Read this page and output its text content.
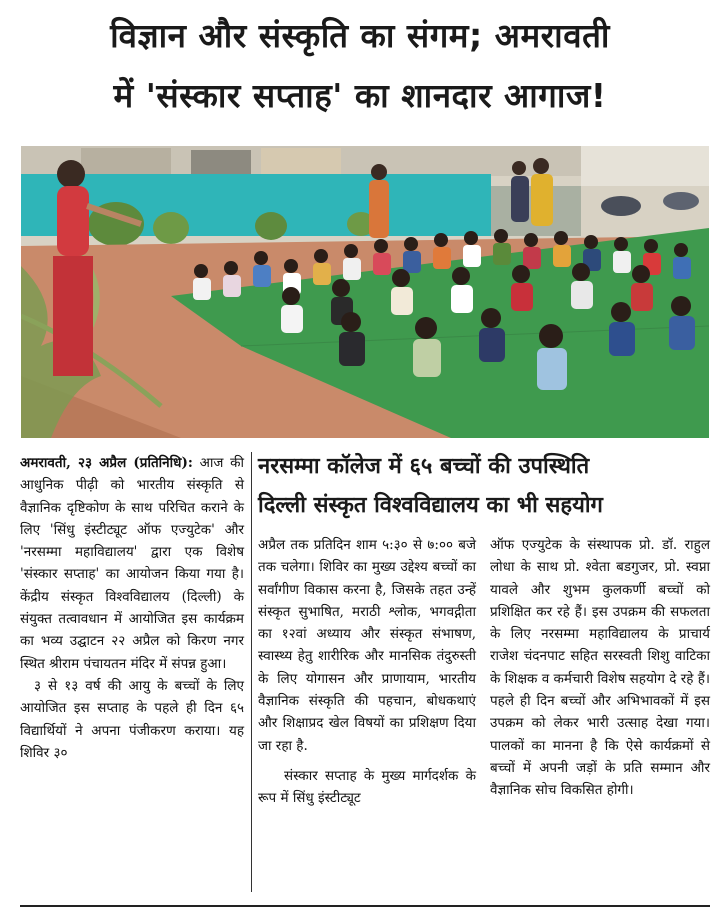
विज्ञान और संस्कृति का संगम; अमरावती
में 'संस्कार सप्ताह' का शानदार आगाज!

अमरावती, २३ अप्रैल (प्रतिनिधि): आज की आधुनिक पीढ़ी को भारतीय संस्कृति से वैज्ञानिक दृष्टिकोण के साथ परिचित कराने के लिए 'सिंधु इंस्टीट्यूट ऑफ एज्युटेक' और 'नरसम्मा महाविद्यालय' द्वारा एक विशेष 'संस्कार सप्ताह' का आयोजन किया गया है। केंद्रीय संस्कृत विश्वविद्यालय (दिल्ली) के संयुक्त तत्वावधान में आयोजित इस कार्यक्रम का भव्य उद्घाटन २२ अप्रैल को किरण नगर स्थित श्रीराम पंचायतन मंदिर में संपन्न हुआ।

३ से १३ वर्ष की आयु के बच्चों के लिए आयोजित इस सप्ताह के पहले ही दिन ६५ विद्यार्थियों ने अपना पंजीकरण कराया। यह शिविर ३०

नरसम्मा कॉलेज में ६५ बच्चों की उपस्थिति
दिल्ली संस्कृत विश्वविद्यालय का भी सहयोग

अप्रैल तक प्रतिदिन शाम ५:३० से ७:०० बजे तक चलेगा। शिविर का मुख्य उद्देश्य बच्चों का सर्वांगीण विकास करना है, जिसके तहत उन्हें संस्कृत सुभाषित, मराठी श्लोक, भगवद्गीता का १२वां अध्याय और संस्कृत संभाषण, स्वास्थ्य हेतु शारीरिक और मानसिक तंदुरुस्ती के लिए योगासन और प्राणायाम, भारतीय वैज्ञानिक संस्कृति की पहचान, बोधकथाएं और शिक्षाप्रद खेल विषयों का प्रशिक्षण दिया जा रहा है.

संस्कार सप्ताह के मुख्य मार्गदर्शक के रूप में सिंधु इंस्टीट्यूट

ऑफ एज्युटेक के संस्थापक प्रो. डॉ. राहुल लोधा के साथ प्रो. श्वेता बडगुजर, प्रो. स्वप्ना यावले और शुभम कुलकर्णी बच्चों को प्रशिक्षित कर रहे हैं। इस उपक्रम की सफलता के लिए नरसम्मा महाविद्यालय के प्राचार्य राजेश चंदनपाट सहित सरस्वती शिशु वाटिका के शिक्षक व कर्मचारी विशेष सहयोग दे रहे हैं। पहले ही दिन बच्चों और अभिभावकों में इस उपक्रम को लेकर भारी उत्साह देखा गया। पालकों का मानना है कि ऐसे कार्यक्रमों से बच्चों में अपनी जड़ों के प्रति सम्मान और वैज्ञानिक सोच विकसित होगी।
